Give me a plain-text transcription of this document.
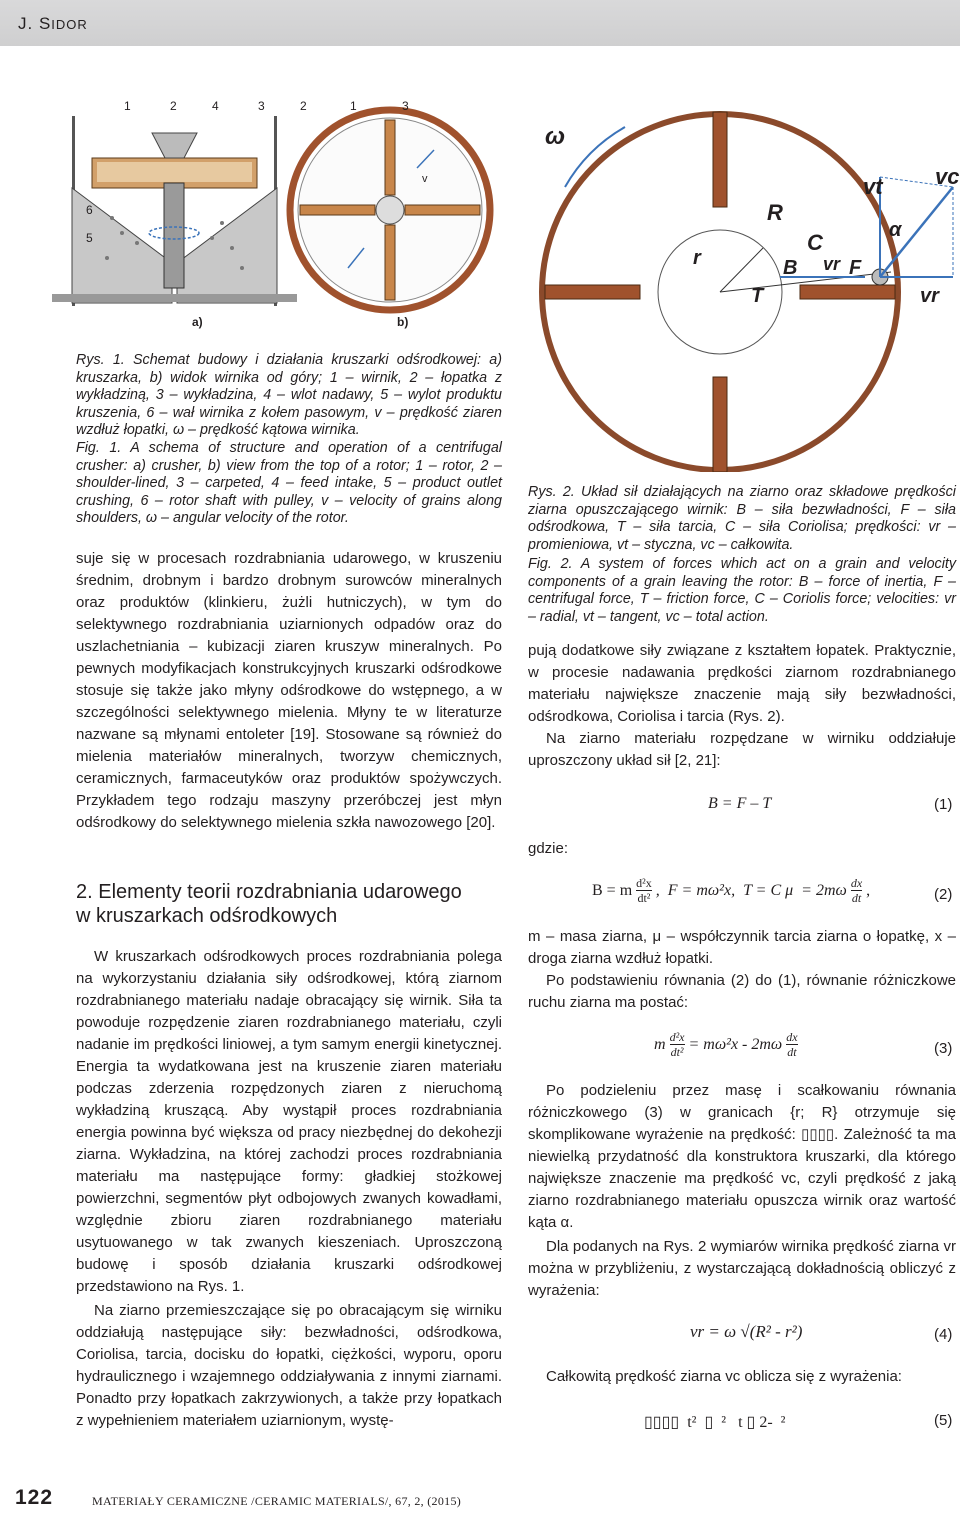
J. SIDOR
1	2	4	3	2	1	3
6
5
a)	b)
v
ω
vt vc
R
r
C
B vr F
T
α
vr
Rys. 1. Schemat budowy i działania kruszarki odśrodkowej: a) kruszarka, b) widok wirnika od góry; 1 – wirnik, 2 – łopatka z wykładziną, 3 – wykładzina, 4 – wlot nadawy, 5 – wylot produktu kruszenia, 6 – wał wirnika z kołem pasowym, v – prędkość ziaren wzdłuż łopatki, ω – prędkość kątowa wirnika.
Fig. 1. A schema of structure and operation of a centrifugal crusher: a) crusher, b) view from the top of a rotor; 1 – rotor, 2 – shoulder-lined, 3 – carpeted, 4 – feed intake, 5 – product outlet crushing, 6 – rotor shaft with pulley, v – velocity of grains along shoulders, ω – angular velocity of the rotor.

suje się w procesach rozdrabniania udarowego, w kruszeniu średnim, drobnym i bardzo drobnym surowców mineralnych oraz produktów (klinkieru, żużli hutniczych), w tym do selektywnego rozdrabniania uziarnionych odpadów oraz do uszlachetniania – kubizacji ziaren kruszyw mineralnych. Po pewnych modyfikacjach konstrukcyjnych kruszarki odśrodkowe stosuje się także jako młyny odśrodkowe do wstępnego, a w szczególności selektywnego mielenia. Młyny te w literaturze nazwane są młynami entoleter [19]. Stosowane są również do mielenia materiałów mineralnych, tworzyw chemicznych, ceramicznych, farmaceutyków oraz produktów spożywczych. Przykładem tego rodzaju maszyny przeróbczej jest młyn odśrodkowy do selektywnego mielenia szkła nawozowego [20].

2. Elementy teorii rozdrabniania udarowego
w kruszarkach odśrodkowych

W kruszarkach odśrodkowych proces rozdrabniania polega na wykorzystaniu działania siły odśrodkowej, którą ziarnom rozdrabnianego materiału nadaje obracający się wirnik. Siła ta powoduje rozpędzenie ziaren rozdrabnianego materiału, czyli nadanie im prędkości liniowej, a tym samym energii kinetycznej. Energia ta wydatkowana jest na kruszenie ziaren materiału podczas zderzenia rozpędzonych ziaren z nieruchomą wykładziną kruszącą. Aby wystąpił proces rozdrabniania energia powinna być większa od pracy niezbędnej do dekohezji ziarna. Wykładzina, na której zachodzi proces rozdrabniania materiału ma następujące formy: gładkiej stożkowej powierzchni, segmentów płyt odbojowych zwanych kowadłami, względnie zbioru ziaren rozdrabnianego materiału usytuowanego w tak zwanych kieszeniach. Uproszczoną budowę i sposób działania kruszarki odśrodkowej przedstawiono na Rys. 1.

Na ziarno przemieszczające się po obracającym się wirniku oddziałują następujące siły: bezwładności, odśrodkowa, Coriolisa, tarcia, docisku do łopatki, ciężkości, wyporu, oporu hydraulicznego i wzajemnego oddziaływania z innymi ziarnami. Ponadto przy łopatkach zakrzywionych, a także przy łopatkach z wypełnieniem materiałem uziarnionym, wystę-

Rys. 2. Układ sił działających na ziarno oraz składowe prędkości ziarna opuszczającego wirnik: B – siła bezwładności, F – siła odśrodkowa, T – siła tarcia, C – siła Coriolisa; prędkości: vr – promieniowa, vt – styczna, vc – całkowita.
Fig. 2. A system of forces which act on a grain and velocity components of a grain leaving the rotor: B – force of inertia, F – centrifugal force, T – friction force, C – Coriolis force; velocities: vr – radial, vt – tangent, vc – total action.

pują dodatkowe siły związane z kształtem łopatek. Praktycznie, w procesie nadawania prędkości ziarnom rozdrabnianego materiału największe znaczenie mają siły bezwładności, odśrodkowa, Coriolisa i tarcia (Rys. 2).

Na ziarno materiału rozpędzane w wirniku oddziałuje uproszczony układ sił [2, 21]:

B = F – T	(1)
gdzie:
B = m d²x
dt² ,  F = mω²x,  T = C μ  = 2mω dx
dt ,	(2)

m – masa ziarna, μ – współczynnik tarcia ziarna o łopatkę, x – droga ziarna wzdłuż łopatki.

Po podstawieniu równania (2) do (1), równanie różniczkowe ruchu ziarna ma postać:

m $\frac{\text{d²x}}{\text{dt²}} = m\omega^2x - 2m\omega$ dx
dt	(3)

Po podzieleniu przez masę i scałkowaniu równania różniczkowego (3) w granicach {r; R} otrzymuje się skomplikowane wyrażenie na prędkość: ▯▯▯▯. Zależność ta ma niewielką przydatność dla konstruktora kruszarki, dla którego największe znaczenie ma prędkość vc, czyli prędkość z jaką ziarno rozdrabnianego materiału opuszcza wirnik oraz wartość kąta α.

Dla podanych na Rys. 2 wymiarów wirnika prędkość ziarna vr można w przybliżeniu, z wystarczającą dokładnością obliczyć z wyrażenia:

vr = ω √(R² - r²)	(4)

Całkowitą prędkość ziarna vc oblicza się z wyrażenia:

▯▯▯▯  t²  ▯  ²   t ▯ 2-  ²	(5)
122	MATERIAŁY CERAMICZNE /CERAMIC MATERIALS/, 67, 2, (2015)
